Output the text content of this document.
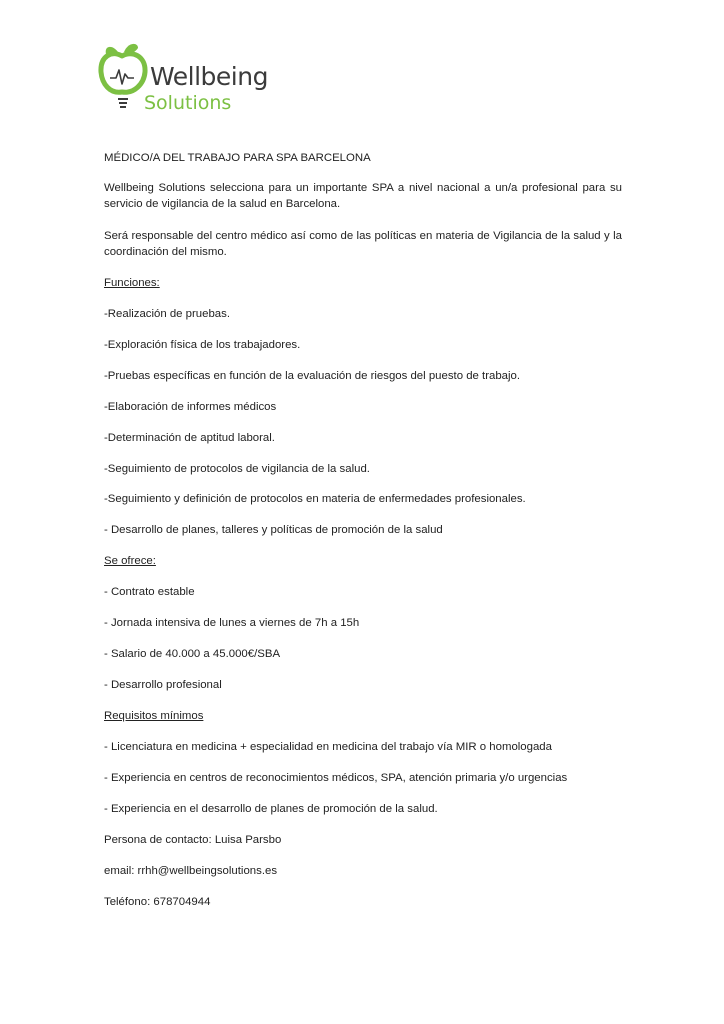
Wellbeing
Solutions

MÉDICO/A DEL TRABAJO PARA SPA BARCELONA

Wellbeing Solutions selecciona para un importante SPA a nivel nacional a un/a profesional para su servicio de vigilancia de la salud en Barcelona.

Será responsable del centro médico así como de las políticas en materia de Vigilancia de la salud y la coordinación del mismo.

Funciones:

-Realización de pruebas.

-Exploración física de los trabajadores.

-Pruebas específicas en función de la evaluación de riesgos del puesto de trabajo.

-Elaboración de informes médicos

-Determinación de aptitud laboral.

-Seguimiento de protocolos de vigilancia de la salud.

-Seguimiento y definición de protocolos en materia de enfermedades profesionales.

- Desarrollo de planes, talleres y políticas de promoción de la salud

Se ofrece:

- Contrato estable

- Jornada intensiva de lunes a viernes de 7h a 15h

- Salario de 40.000 a 45.000€/SBA

- Desarrollo profesional

Requisitos mínimos

- Licenciatura en medicina + especialidad en medicina del trabajo vía MIR o homologada

- Experiencia en centros de reconocimientos médicos, SPA, atención primaria y/o urgencias

- Experiencia en el desarrollo de planes de promoción de la salud.

Persona de contacto: Luisa Parsbo

email: rrhh@wellbeingsolutions.es

Teléfono: 678704944
